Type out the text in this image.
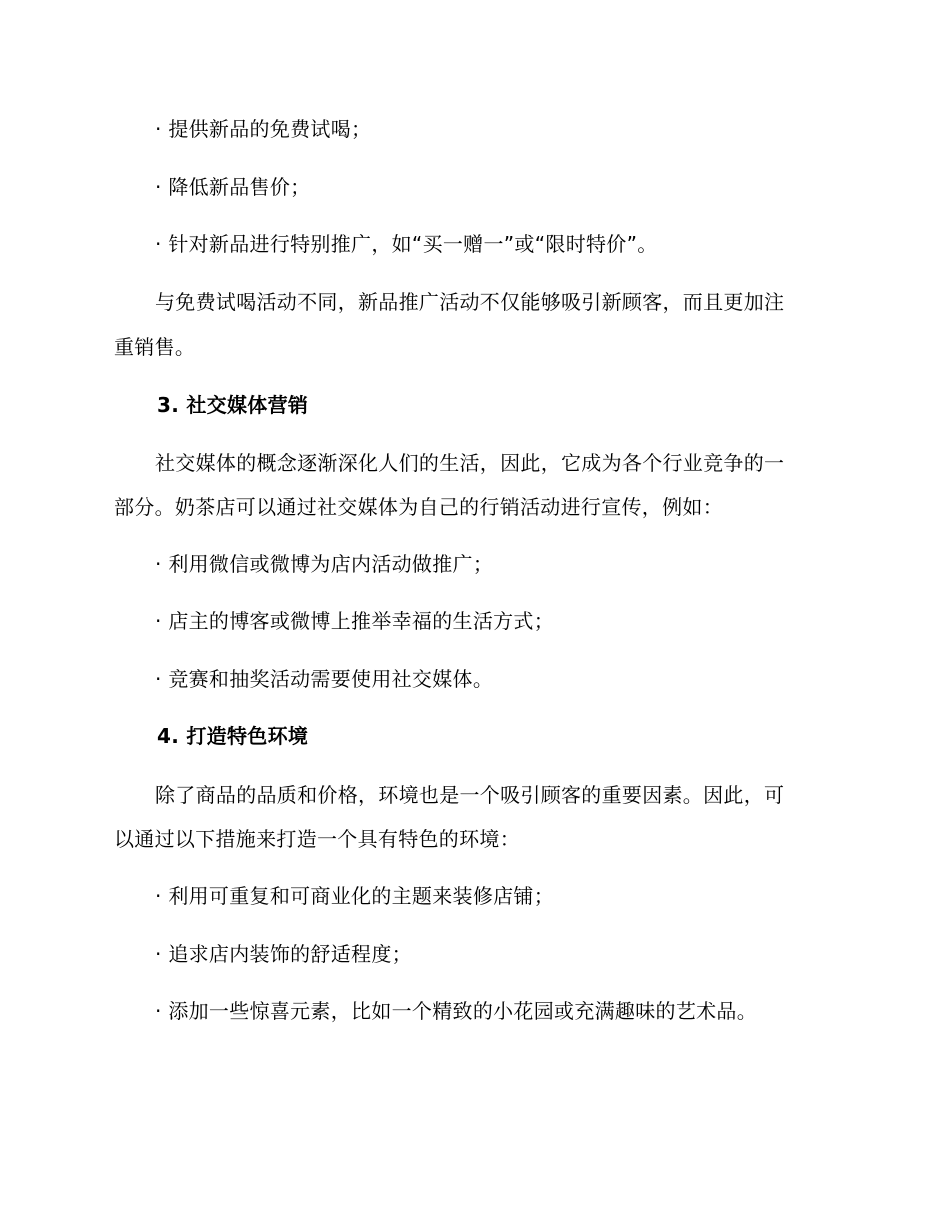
· 提供新品的免费试喝；
· 降低新品售价；
· 针对新品进行特别推广，如“买一赠一”或“限时特价”。
与免费试喝活动不同，新品推广活动不仅能够吸引新顾客，而且更加注
重销售。
3. 社交媒体营销
社交媒体的概念逐渐深化人们的生活，因此，它成为各个行业竞争的一
部分。奶茶店可以通过社交媒体为自己的行销活动进行宣传，例如：
· 利用微信或微博为店内活动做推广；
· 店主的博客或微博上推举幸福的生活方式；
· 竞赛和抽奖活动需要使用社交媒体。
4. 打造特色环境
除了商品的品质和价格，环境也是一个吸引顾客的重要因素。因此，可
以通过以下措施来打造一个具有特色的环境：
· 利用可重复和可商业化的主题来装修店铺；
· 追求店内装饰的舒适程度；
· 添加一些惊喜元素，比如一个精致的小花园或充满趣味的艺术品。
